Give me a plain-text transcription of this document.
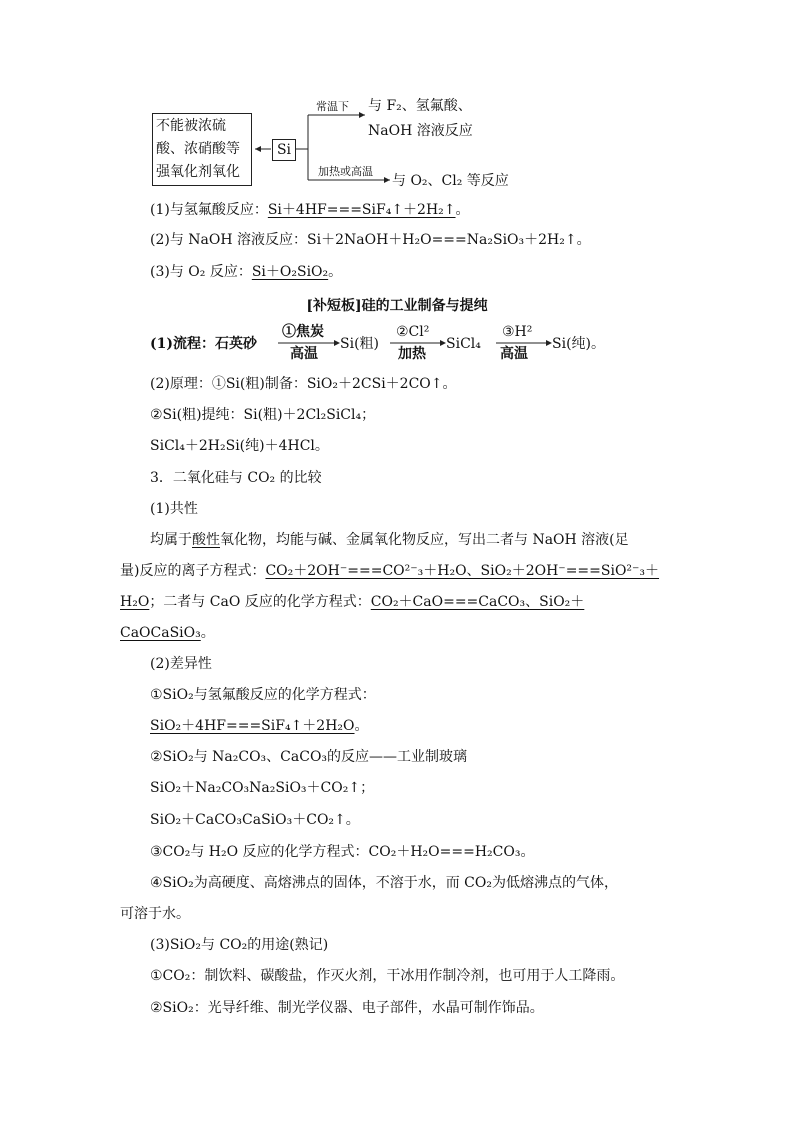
不能被浓硫
酸、浓硝酸等
强氧化剂氧化
Si
常温下 与 F₂、氢氟酸、
NaOH 溶液反应
加热或高温
与 O₂、Cl₂ 等反应
(1)与氢氟酸反应：Si＋4HF===SiF₄↑＋2H₂↑。
(2)与 NaOH 溶液反应：Si＋2NaOH＋H₂O===Na₂SiO₃＋2H₂↑。
(3)与 O₂ 反应：Si＋O₂SiO₂。
[补短板]硅的工业制备与提纯
(1)流程：石英砂
①焦炭
高温
Si(粗)
②Cl²
加热
SiCl₄
③H²
高温
Si(纯)。
(2)原理：①Si(粗)制备：SiO₂＋2CSi＋2CO↑。
②Si(粗)提纯：Si(粗)＋2Cl₂SiCl₄；
SiCl₄＋2H₂Si(纯)＋4HCl。
3．二氧化硅与 CO₂ 的比较
(1)共性
均属于酸性氧化物，均能与碱、金属氧化物反应，写出二者与 NaOH 溶液(足
量)反应的离子方程式：CO₂＋2OH⁻===CO²⁻₃＋H₂O、SiO₂＋2OH⁻===SiO²⁻₃＋
H₂O；二者与 CaO 反应的化学方程式：CO₂＋CaO===CaCO₃、SiO₂＋
CaOCaSiO₃。
(2)差异性
①SiO₂与氢氟酸反应的化学方程式：
SiO₂＋4HF===SiF₄↑＋2H₂O。
②SiO₂与 Na₂CO₃、CaCO₃的反应——工业制玻璃
SiO₂＋Na₂CO₃Na₂SiO₃＋CO₂↑；
SiO₂＋CaCO₃CaSiO₃＋CO₂↑。
③CO₂与 H₂O 反应的化学方程式：CO₂＋H₂O===H₂CO₃。
④SiO₂为高硬度、高熔沸点的固体，不溶于水，而 CO₂为低熔沸点的气体，
可溶于水。
(3)SiO₂与 CO₂的用途(熟记)
①CO₂：制饮料、碳酸盐，作灭火剂，干冰用作制冷剂，也可用于人工降雨。
②SiO₂：光导纤维、制光学仪器、电子部件，水晶可制作饰品。
